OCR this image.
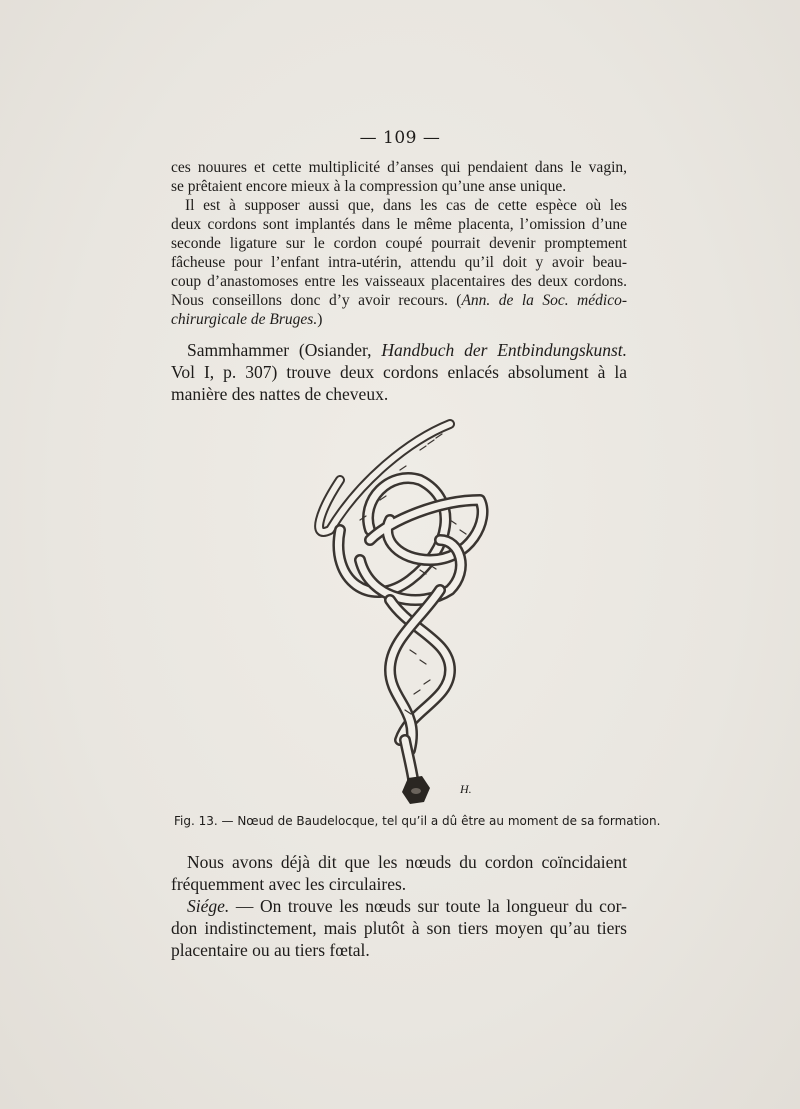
— 109 —
ces nouures et cette multiplicité d’anses qui pendaient dans le vagin,
se prêtaient encore mieux à la compression qu’une anse unique.
Il est à supposer aussi que, dans les cas de cette espèce où les
deux cordons sont implantés dans le même placenta, l’omission d’une
seconde ligature sur le cordon coupé pourrait devenir promptement
fâcheuse pour l’enfant intra-utérin, attendu qu’il doit y avoir beau-
coup d’anastomoses entre les vaisseaux placentaires des deux cordons.
Nous conseillons donc d’y avoir recours. (Ann. de la Soc. médico-
chirurgicale de Bruges.)
Sammhammer (Osiander, Handbuch der Entbindungskunst.
Vol I, p. 307) trouve deux cordons enlacés absolument à la
manière des nattes de cheveux.
H.
Fig. 13. — Nœud de Baudelocque, tel qu’il a dû être au moment de sa formation.
Nous avons déjà dit que les nœuds du cordon coïncidaient
fréquemment avec les circulaires.
Siége. — On trouve les nœuds sur toute la longueur du cor-
don indistinctement, mais plutôt à son tiers moyen qu’au tiers
placentaire ou au tiers fœtal.
